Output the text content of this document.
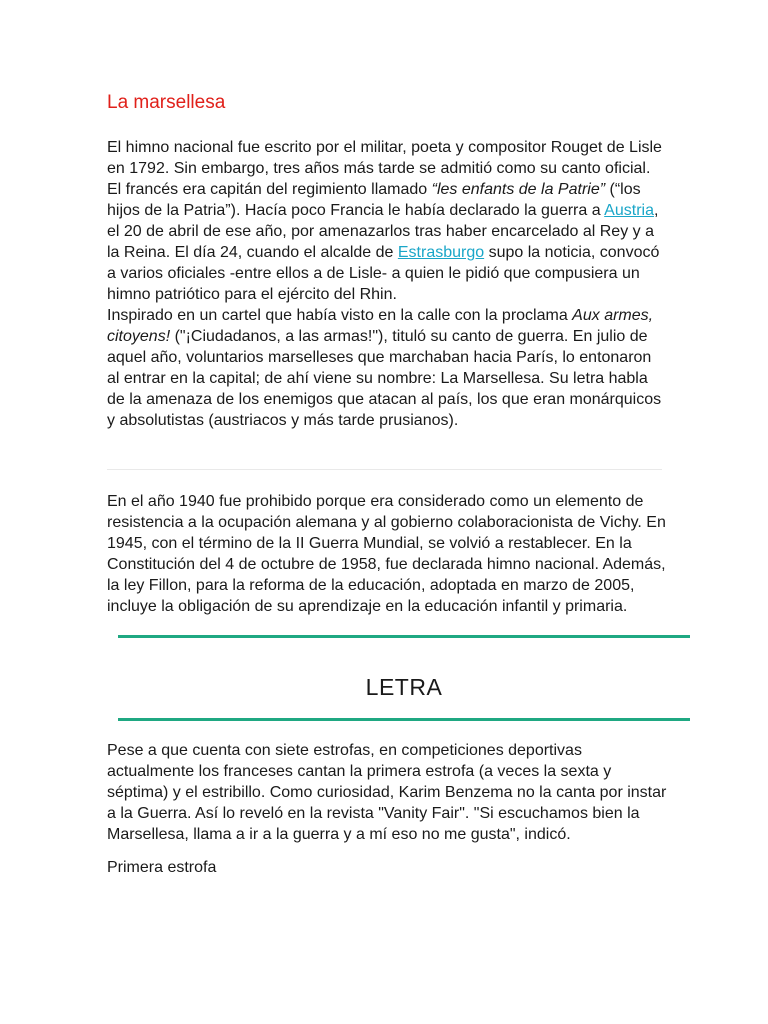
La marsellesa

El himno nacional fue escrito por el militar, poeta y compositor Rouget de Lisle en 1792. Sin embargo, tres años más tarde se admitió como su canto oficial. El francés era capitán del regimiento llamado “les enfants de la Patrie” (“los hijos de la Patria”). Hacía poco Francia le había declarado la guerra a Austria, el 20 de abril de ese año, por amenazarlos tras haber encarcelado al Rey y a la Reina. El día 24, cuando el alcalde de Estrasburgo supo la noticia, convocó a varios oficiales -entre ellos a de Lisle- a quien le pidió que compusiera un himno patriótico para el ejército del Rhin.
Inspirado en un cartel que había visto en la calle con la proclama Aux armes, citoyens! ("¡Ciudadanos, a las armas!"), tituló su canto de guerra. En julio de aquel año, voluntarios marselleses que marchaban hacia París, lo entonaron al entrar en la capital; de ahí viene su nombre: La Marsellesa. Su letra habla de la amenaza de los enemigos que atacan al país, los que eran monárquicos y absolutistas (austriacos y más tarde prusianos).

En el año 1940 fue prohibido porque era considerado como un elemento de resistencia a la ocupación alemana y al gobierno colaboracionista de Vichy. En 1945, con el término de la II Guerra Mundial, se volvió a restablecer. En la Constitución del 4 de octubre de 1958, fue declarada himno nacional. Además, la ley Fillon, para la reforma de la educación, adoptada en marzo de 2005, incluye la obligación de su aprendizaje en la educación infantil y primaria.

LETRA

Pese a que cuenta con siete estrofas, en competiciones deportivas actualmente los franceses cantan la primera estrofa (a veces la sexta y séptima) y el estribillo. Como curiosidad, Karim Benzema no la canta por instar a la Guerra. Así lo reveló en la revista "Vanity Fair". "Si escuchamos bien la Marsellesa, llama a ir a la guerra y a mí eso no me gusta", indicó.

Primera estrofa
